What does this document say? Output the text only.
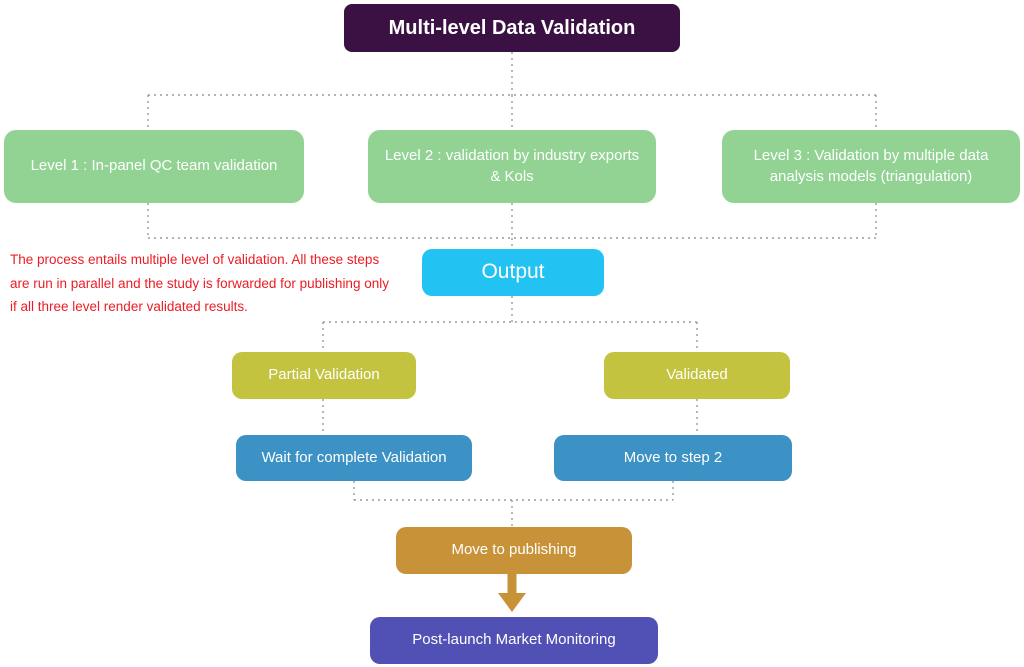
Multi-level Data Validation
Level 1 : In-panel QC team validation
Level 2 : validation by industry exports & Kols
Level 3 : Validation by multiple data analysis models (triangulation)
The process entails multiple level of validation. All these steps are run in parallel and the study is forwarded for publishing only if all three level render validated results.
Output
Partial Validation	Validated
Wait for complete Validation	Move to step 2
Move to publishing
Post-launch Market Monitoring
